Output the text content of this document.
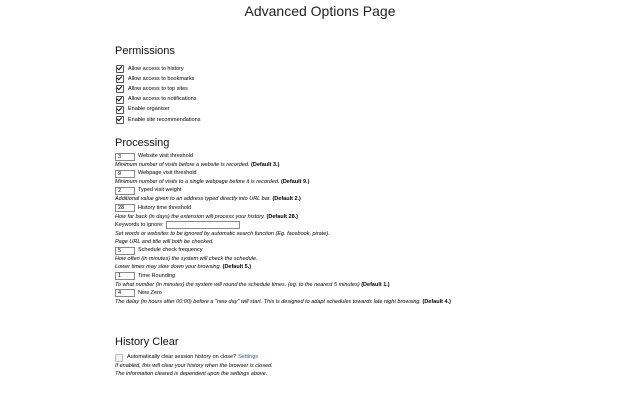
Advanced Options Page
Permissions
Allow access to history
Allow access to bookmarks
Allow access to top sites
Allow access to notifications
Enable organiser
Enable site recommendations
Processing
3	Website visit threshold
Minimum number of visits before a website is recorded. (Default 3.)
9	Webpage visit threshold
Minimum number of visits to a single webpage before it is recorded. (Default 9.)
2	Typed visit weight
Additional value given to an address typed directly into URL bar. (Default 2.)
28	History time threshold
How far back (in days) the extension will process your history. (Default 28.)
Keywords to ignore:
Set words or websites to be ignored by automatic search function (Eg. facebook, pirate).
Page URL and title will both be checked.
5	Schedule check frequency
How often (in minutes) the system will check the schedule.
Lower times may slow down your browsing. (Default 5.)
1	Time Rounding
To what number (in minutes) the system will round the schedule times. (eg. to the nearest 5 minutes) (Default 1.)
4	New Zero
The delay (in hours after 00:00) before a "new day" will start. This is designed to adapt schedules towards late night browsing. (Default 4.)
History Clear
Automatically clear session history on close? Settings
If enabled, this will clear your history when the browser is closed.
The information cleared is dependent upon the settings above.
